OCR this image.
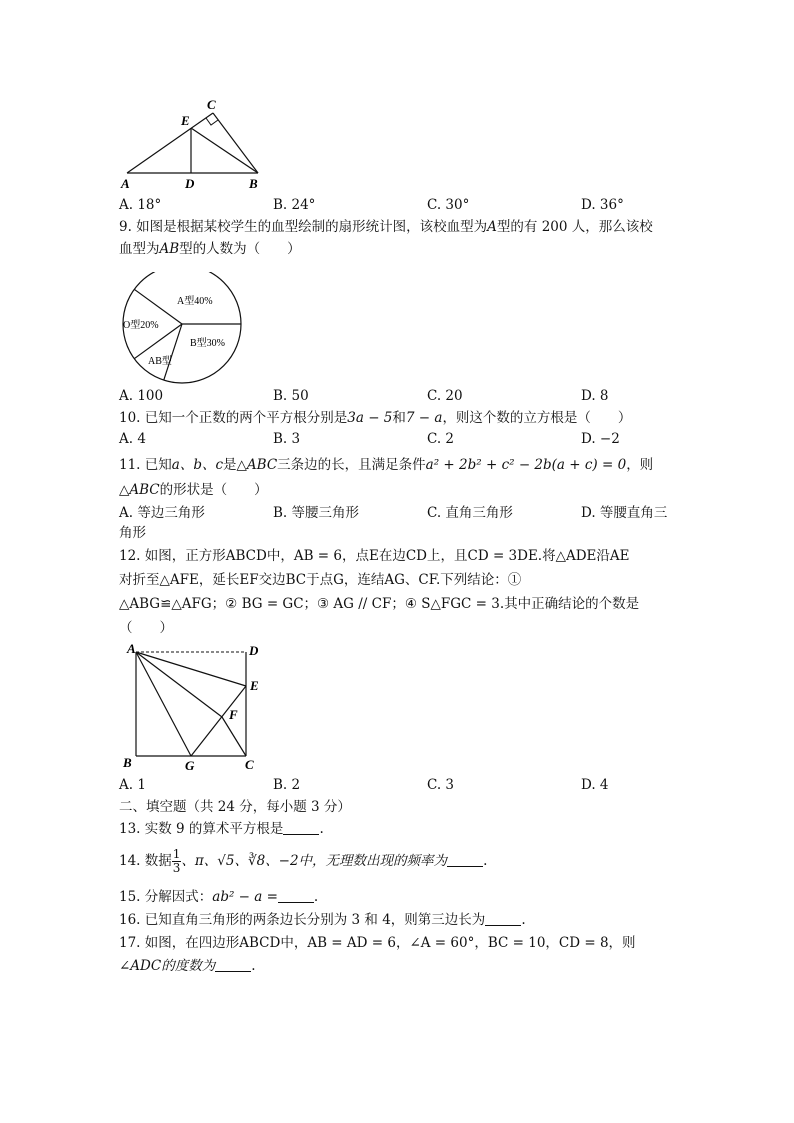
A	D	B
E
C
A. 18°	B. 24°	C. 30°	D. 36°
9. 如图是根据某校学生的血型绘制的扇形统计图，该校血型为A型的有 200 人，那么该校
血型为AB型的人数为（　　）
A型40%
B型30%
AB型
O型20%
A. 100	B. 50	C. 20	D. 8
10. 已知一个正数的两个平方根分别是3a − 5和7 − a，则这个数的立方根是（　　）
A. 4	B. 3	C. 2	D. −2
11. 已知a、b、c是△ABC三条边的长，且满足条件a² + 2b² + c² − 2b(a + c) = 0，则
△ABC的形状是（　　）
A. 等边三角形	B. 等腰三角形	C. 直角三角形	D. 等腰直角三
角形
12. 如图，正方形ABCD中，AB = 6，点E在边CD上，且CD = 3DE.将△ADE沿AE
对折至△AFE，延长EF交边BC于点G，连结AG、CF.下列结论：①
△ABG≌△AFG；② BG = GC；③ AG // CF；④ S△FGC = 3.其中正确结论的个数是
（　　）
A	D
E
F
B	G	C
A. 1	B. 2	C. 3	D. 4
二、填空题（共 24 分，每小题 3 分）
13. 实数 9 的算术平方根是	.
14. 数据 $\frac{1}{3}$ 、π、√5、∛8、−2中，无理数出现的频率为	.
15. 分解因式：ab² − a =	.
16. 已知直角三角形的两条边长分别为 3 和 4，则第三边长为	.
17. 如图，在四边形ABCD中，AB = AD = 6，∠A = 60°，BC = 10，CD = 8，则
∠ADC的度数为	.
